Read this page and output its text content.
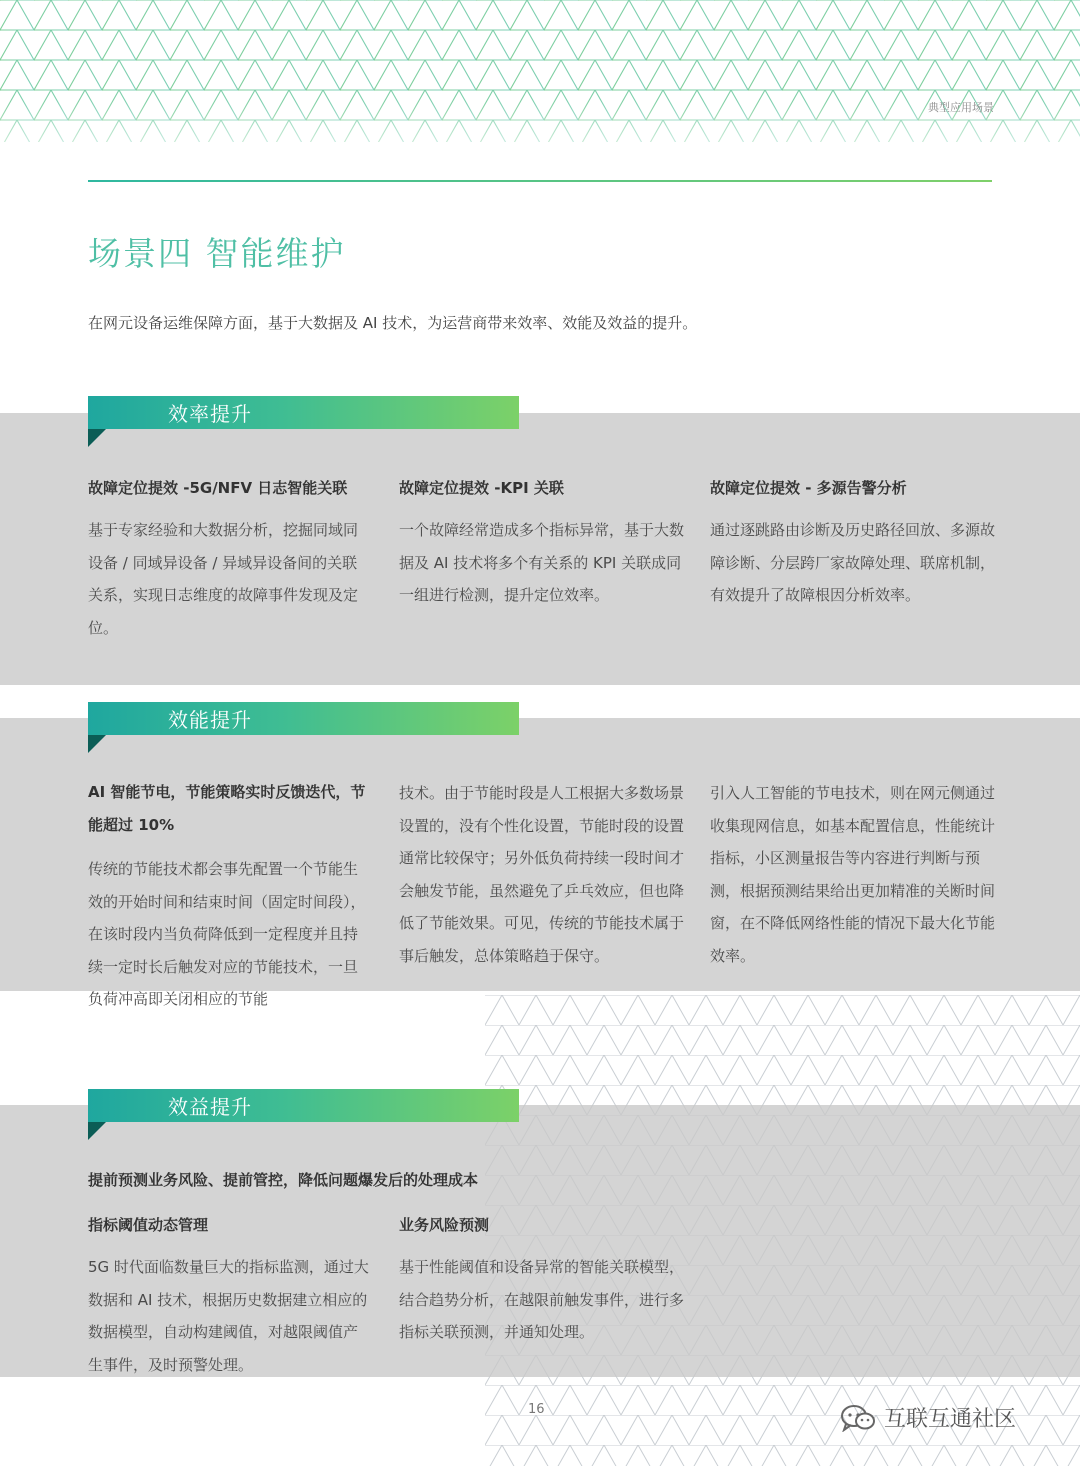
典型应用场景
场景四 智能维护

在网元设备运维保障方面，基于大数据及 AI 技术，为运营商带来效率、效能及效益的提升。

效率提升
故障定位提效 -5G/NFV 日志智能关联	故障定位提效 -KPI 关联	故障定位提效 - 多源告警分析
基于专家经验和大数据分析，挖掘同域同设备 / 同域异设备 / 异域异设备间的关联关系，实现日志维度的故障事件发现及定位。
一个故障经常造成多个指标异常，基于大数据及 AI 技术将多个有关系的 KPI 关联成同一组进行检测，提升定位效率。
通过逐跳路由诊断及历史路径回放、多源故障诊断、分层跨厂家故障处理、联席机制，有效提升了故障根因分析效率。
效能提升
AI 智能节电，节能策略实时反馈迭代，节能超过 10%
传统的节能技术都会事先配置一个节能生效的开始时间和结束时间（固定时间段），在该时段内当负荷降低到一定程度并且持续一定时长后触发对应的节能技术，一旦负荷冲高即关闭相应的节能
技术。由于节能时段是人工根据大多数场景设置的，没有个性化设置，节能时段的设置通常比较保守；另外低负荷持续一段时间才会触发节能，虽然避免了乒乓效应，但也降低了节能效果。可见，传统的节能技术属于事后触发，总体策略趋于保守。
引入人工智能的节电技术，则在网元侧通过收集现网信息，如基本配置信息，性能统计指标，小区测量报告等内容进行判断与预测，根据预测结果给出更加精准的关断时间窗，在不降低网络性能的情况下最大化节能效率。
效益提升
提前预测业务风险、提前管控，降低问题爆发后的处理成本
指标阈值动态管理	业务风险预测
5G 时代面临数量巨大的指标监测，通过大数据和 AI 技术，根据历史数据建立相应的数据模型，自动构建阈值，对越限阈值产生事件，及时预警处理。
基于性能阈值和设备异常的智能关联模型，结合趋势分析，在越限前触发事件，进行多指标关联预测，并通知处理。
16	互联互通社区
